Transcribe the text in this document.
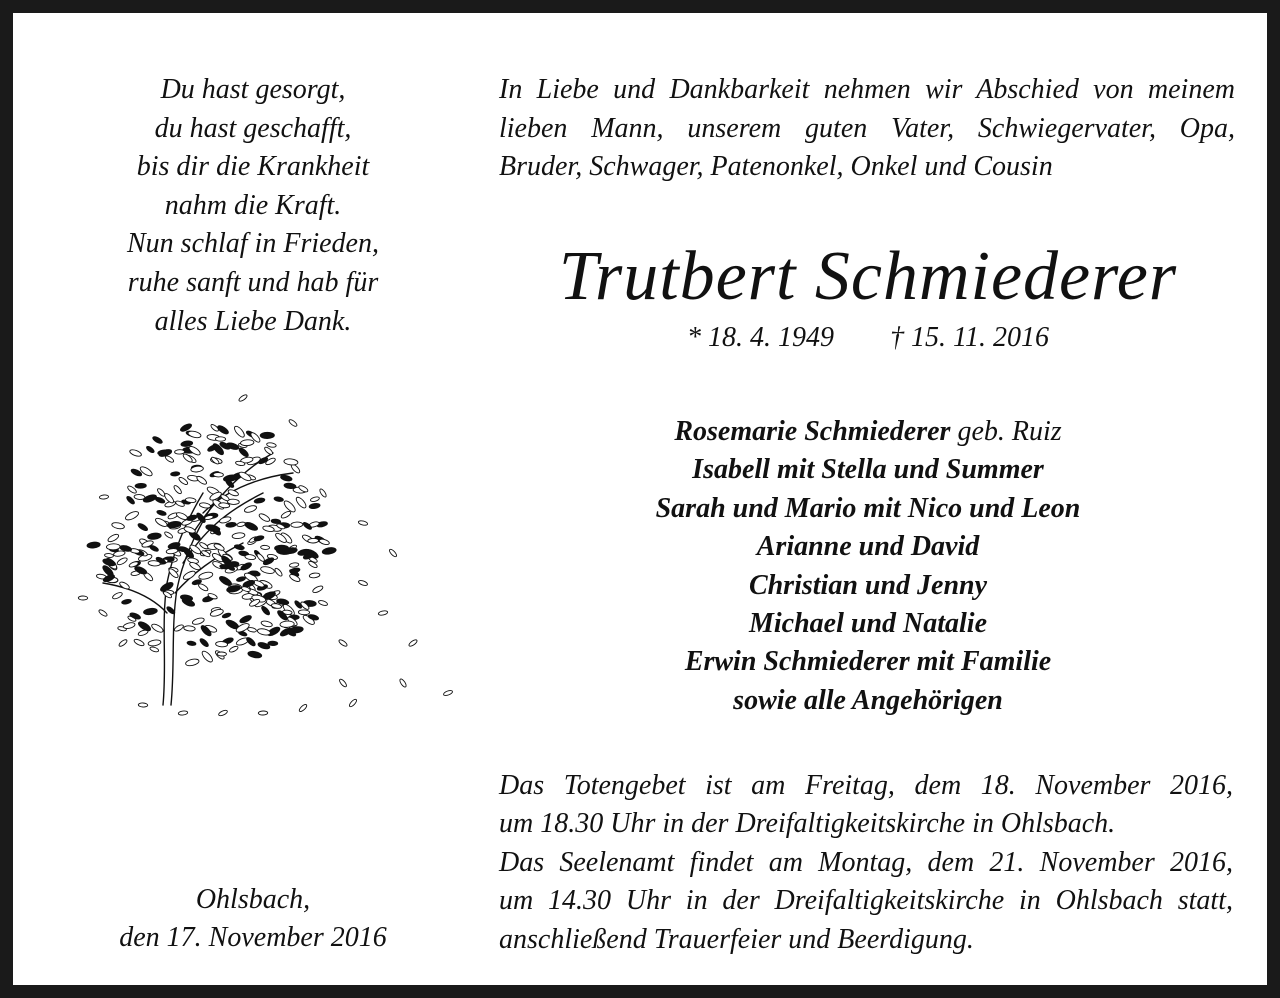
Du hast gesorgt,
du hast geschafft,
bis dir die Krankheit
nahm die Kraft.
Nun schlaf in Frieden,
ruhe sanft und hab für
alles Liebe Dank.
In Liebe und Dankbarkeit nehmen wir Abschied von meinem
lieben Mann, unserem guten Vater, Schwiegervater, Opa,
Bruder, Schwager, Patenonkel, Onkel und Cousin
Trutbert Schmiederer
* 18. 4. 1949 † 15. 11. 2016
Rosemarie Schmiederer geb. Ruiz
Isabell mit Stella und Summer
Sarah und Mario mit Nico und Leon
Arianne und David
Christian und Jenny
Michael und Natalie
Erwin Schmiederer mit Familie
sowie alle Angehörigen
Das Totengebet ist am Freitag, dem 18. November 2016,
um 18.30 Uhr in der Dreifaltigkeitskirche in Ohlsbach.
Das Seelenamt findet am Montag, dem 21. November 2016,
um 14.30 Uhr in der Dreifaltigkeitskirche in Ohlsbach statt,
anschließend Trauerfeier und Beerdigung.
Ohlsbach,
den 17. November 2016
